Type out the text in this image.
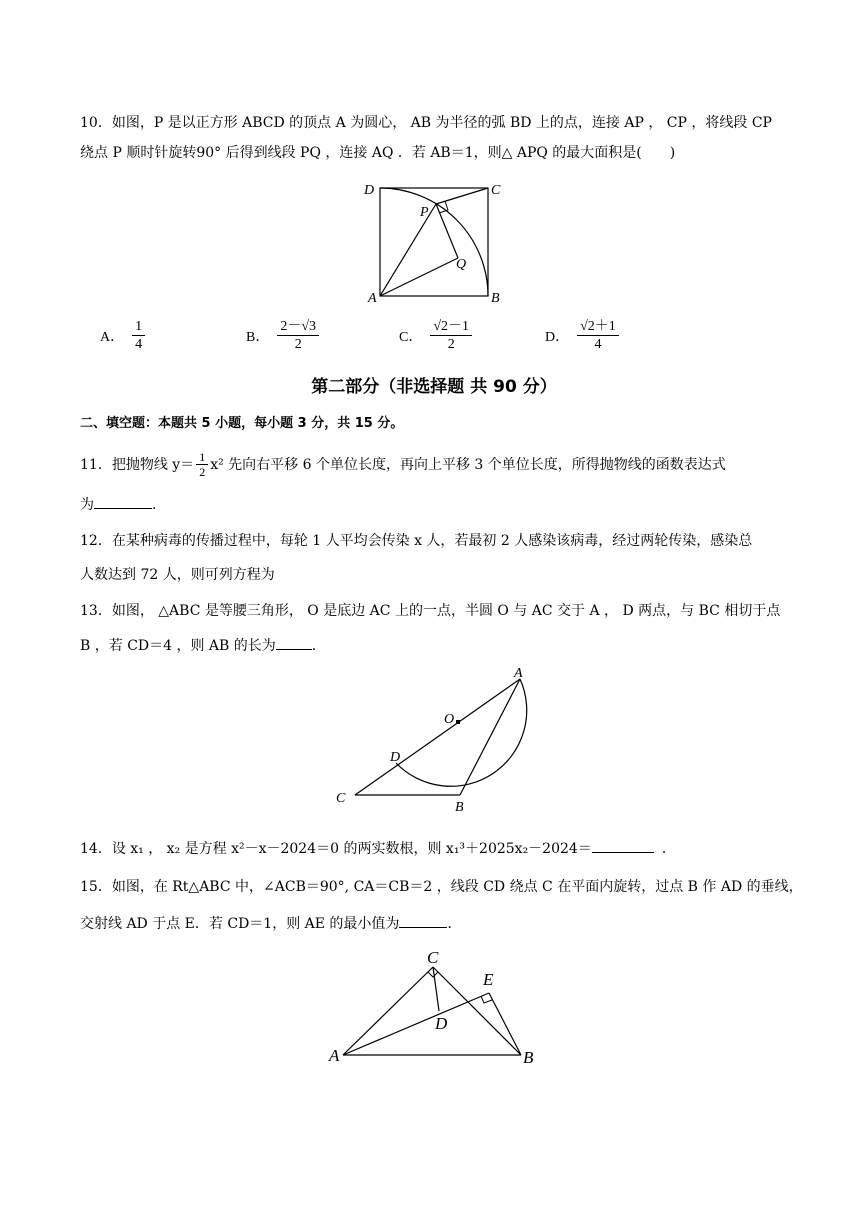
10．如图，P 是以正方形 ABCD 的顶点 A 为圆心， AB 为半径的弧 BD 上的点，连接 AP ， CP ，将线段 CP
绕点 P 顺时针旋转90° 后得到线段 PQ ，连接 AQ ．若 AB＝1，则△ APQ 的最大面积是(　　)
D	C
P
Q
A	B
A． $\frac{1}{4}$	B． $\frac{2-√3}{2}$	C． $\frac{√2-1}{2}$	D． $\frac{√2+1}{4}$
第二部分（非选择题 共 90 分）
二、填空题：本题共 5 小题，每小题 3 分，共 15 分。
11．把抛物线 $y= \frac{1}{2} x^2$ 先向右平移 6 个单位长度，再向上平移 3 个单位长度，所得抛物线的函数表达式
为	.
12．在某种病毒的传播过程中，每轮 1 人平均会传染 x 人，若最初 2 人感染该病毒，经过两轮传染，感染总
人数达到 72 人，则可列方程为
13．如图， △ABC 是等腰三角形， O 是底边 AC 上的一点，半圆 O 与 AC 交于 A ， D 两点，与 BC 相切于点
B ，若 CD＝4 ，则 AB 的长为	．
A
O
D
C
B
14．设 x₁ ， x₂ 是方程 x²－x－2024＝0 的两实数根，则 x₁³＋2025x₂－2024＝	．
15．如图，在 Rt△ABC 中，∠ACB＝90°, CA＝CB＝2 ，线段 CD 绕点 C 在平面内旋转，过点 B 作 AD 的垂线，
交射线 AD 于点 E．若 CD＝1，则 AE 的最小值为	．
C
E
D
A	B
